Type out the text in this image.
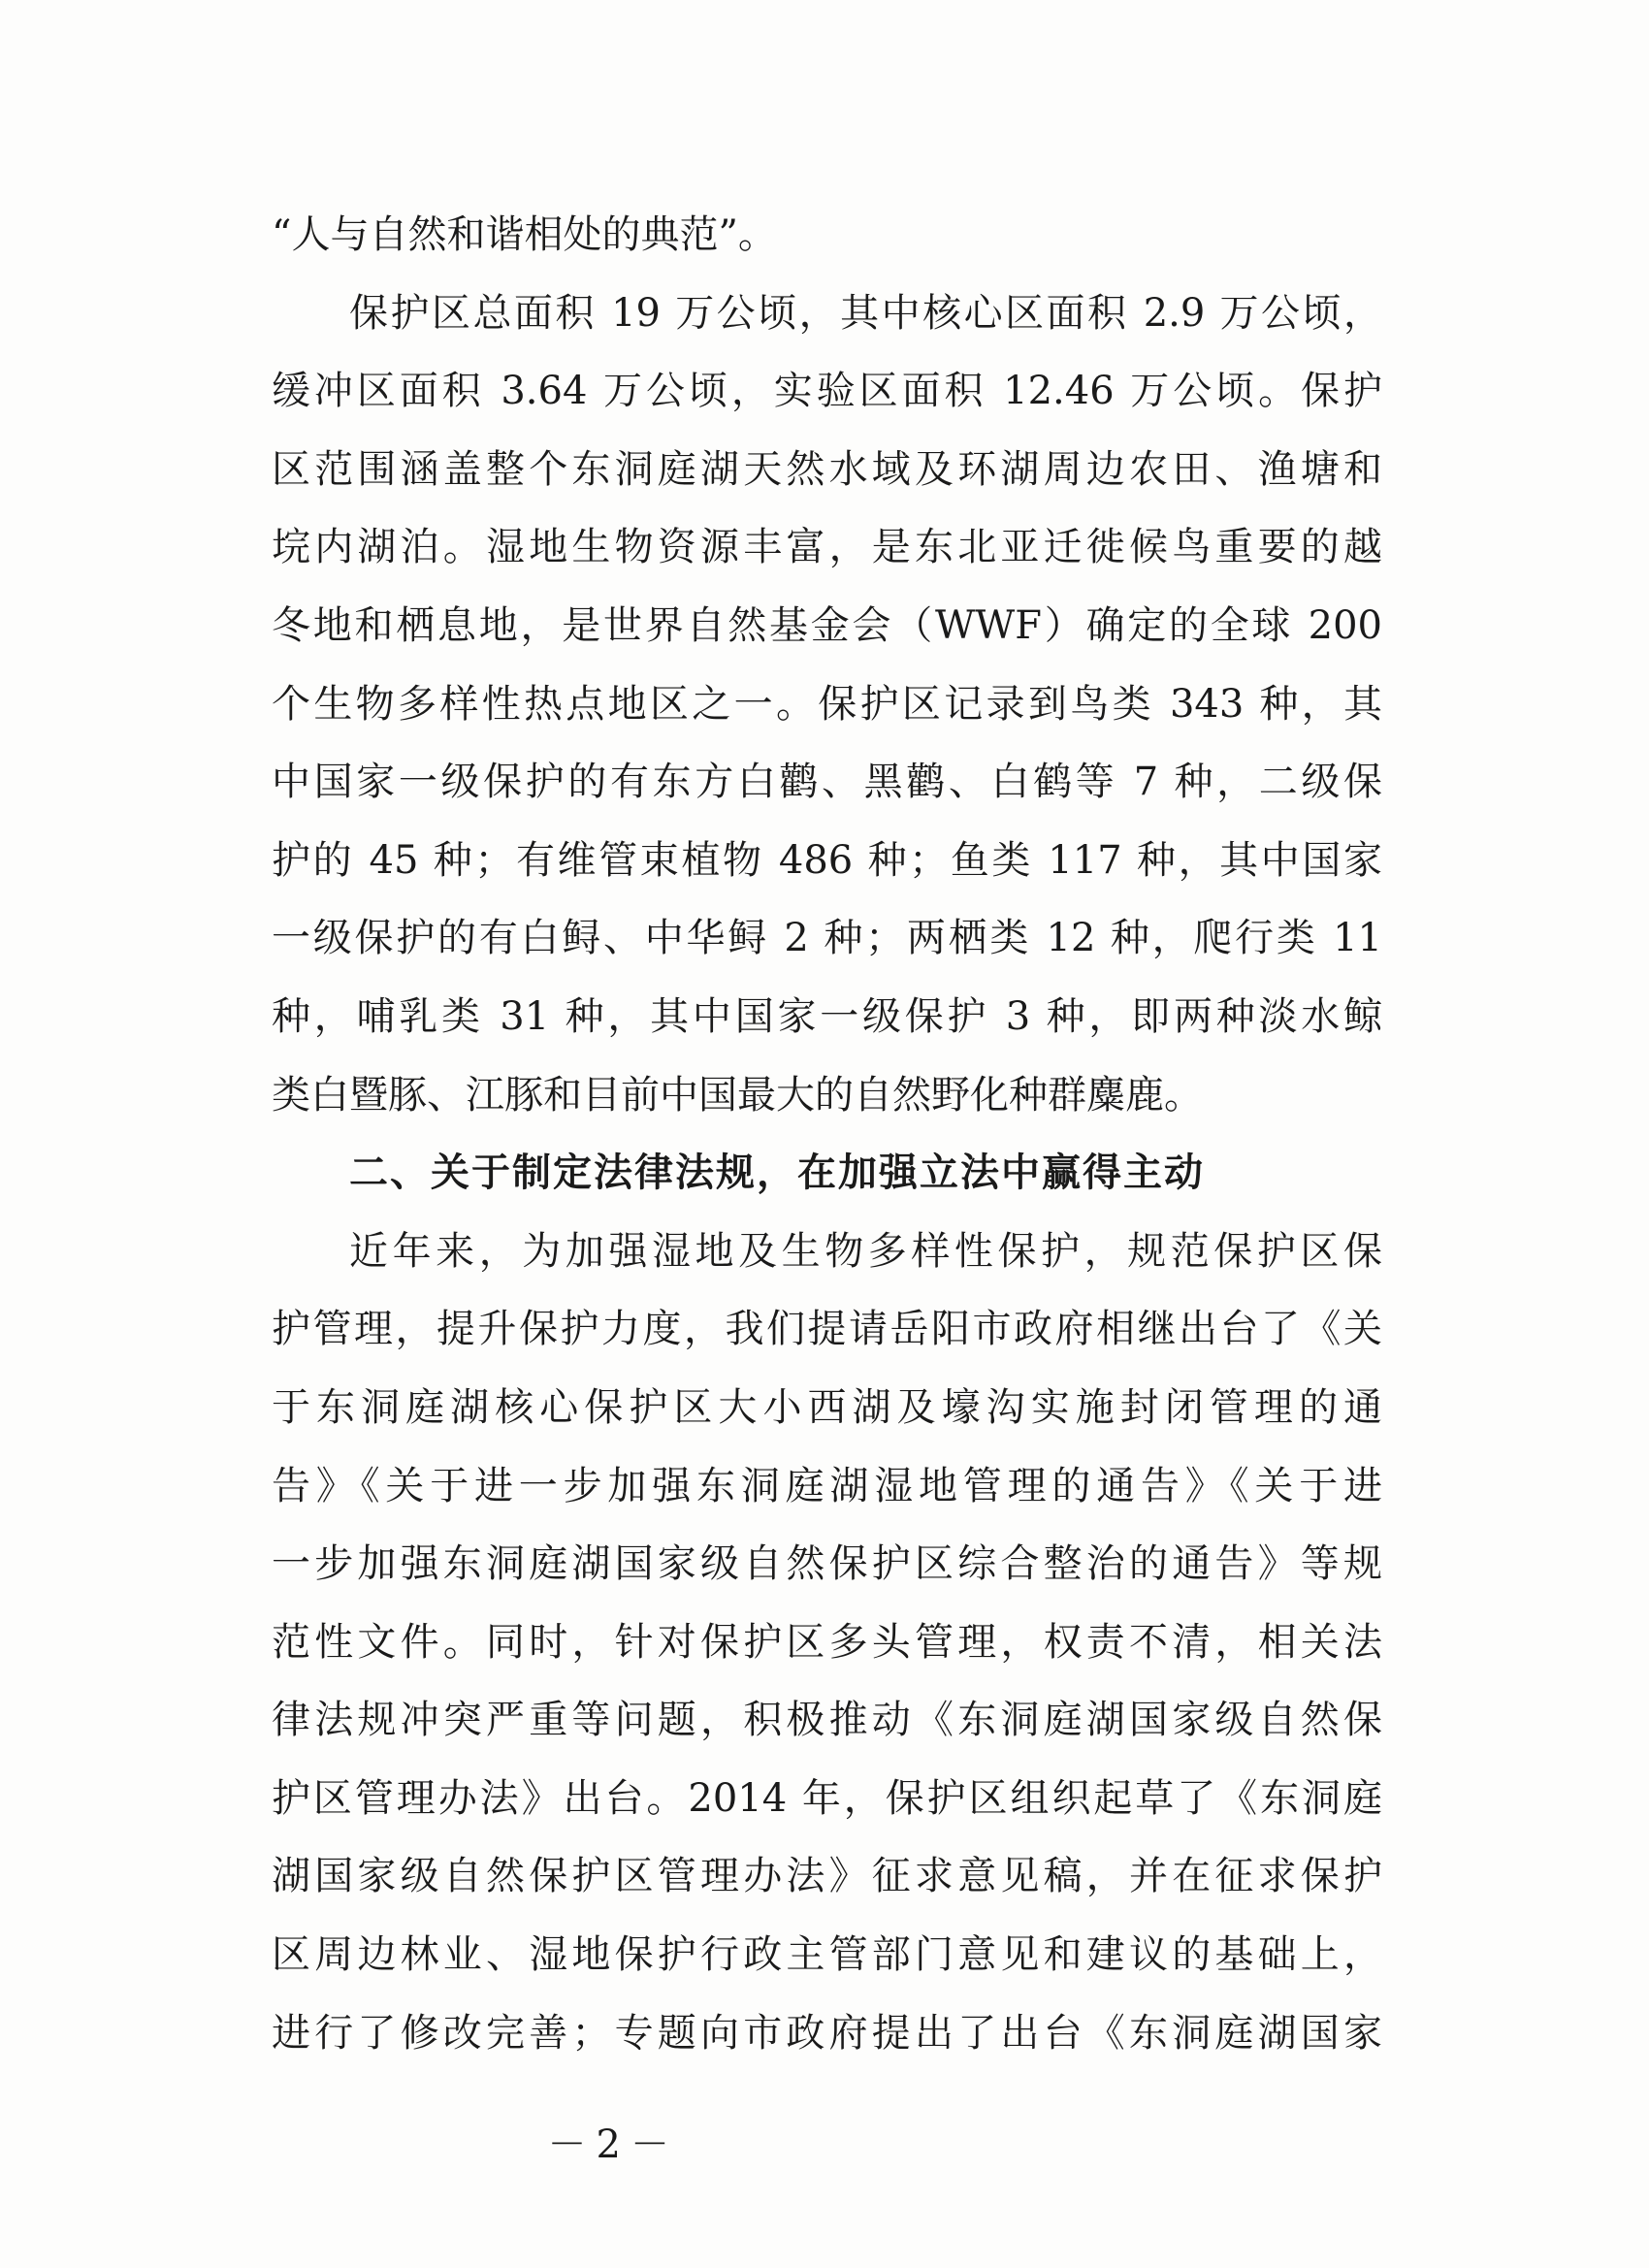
“人与自然和谐相处的典范”。
保护区总面积 19 万公顷，其中核心区面积 2.9 万公顷，
缓冲区面积 3.64 万公顷，实验区面积 12.46 万公顷。保护
区范围涵盖整个东洞庭湖天然水域及环湖周边农田、渔塘和
垸内湖泊。湿地生物资源丰富，是东北亚迁徙候鸟重要的越
冬地和栖息地，是世界自然基金会（WWF）确定的全球 200
个生物多样性热点地区之一。保护区记录到鸟类 343 种，其
中国家一级保护的有东方白鹳、黑鹳、白鹤等 7 种，二级保
护的 45 种；有维管束植物 486 种；鱼类 117 种，其中国家
一级保护的有白鲟、中华鲟 2 种；两栖类 12 种，爬行类 11
种，哺乳类 31 种，其中国家一级保护 3 种，即两种淡水鲸
类白暨豚、江豚和目前中国最大的自然野化种群麋鹿。
二、关于制定法律法规，在加强立法中赢得主动
近年来，为加强湿地及生物多样性保护，规范保护区保
护管理，提升保护力度，我们提请岳阳市政府相继出台了《关
于东洞庭湖核心保护区大小西湖及壕沟实施封闭管理的通
告》《关于进一步加强东洞庭湖湿地管理的通告》《关于进
一步加强东洞庭湖国家级自然保护区综合整治的通告》等规
范性文件。同时，针对保护区多头管理，权责不清，相关法
律法规冲突严重等问题，积极推动《东洞庭湖国家级自然保
护区管理办法》出台。2014 年，保护区组织起草了《东洞庭
湖国家级自然保护区管理办法》征求意见稿，并在征求保护
区周边林业、湿地保护行政主管部门意见和建议的基础上，
进行了修改完善；专题向市政府提出了出台《东洞庭湖国家
－2－
